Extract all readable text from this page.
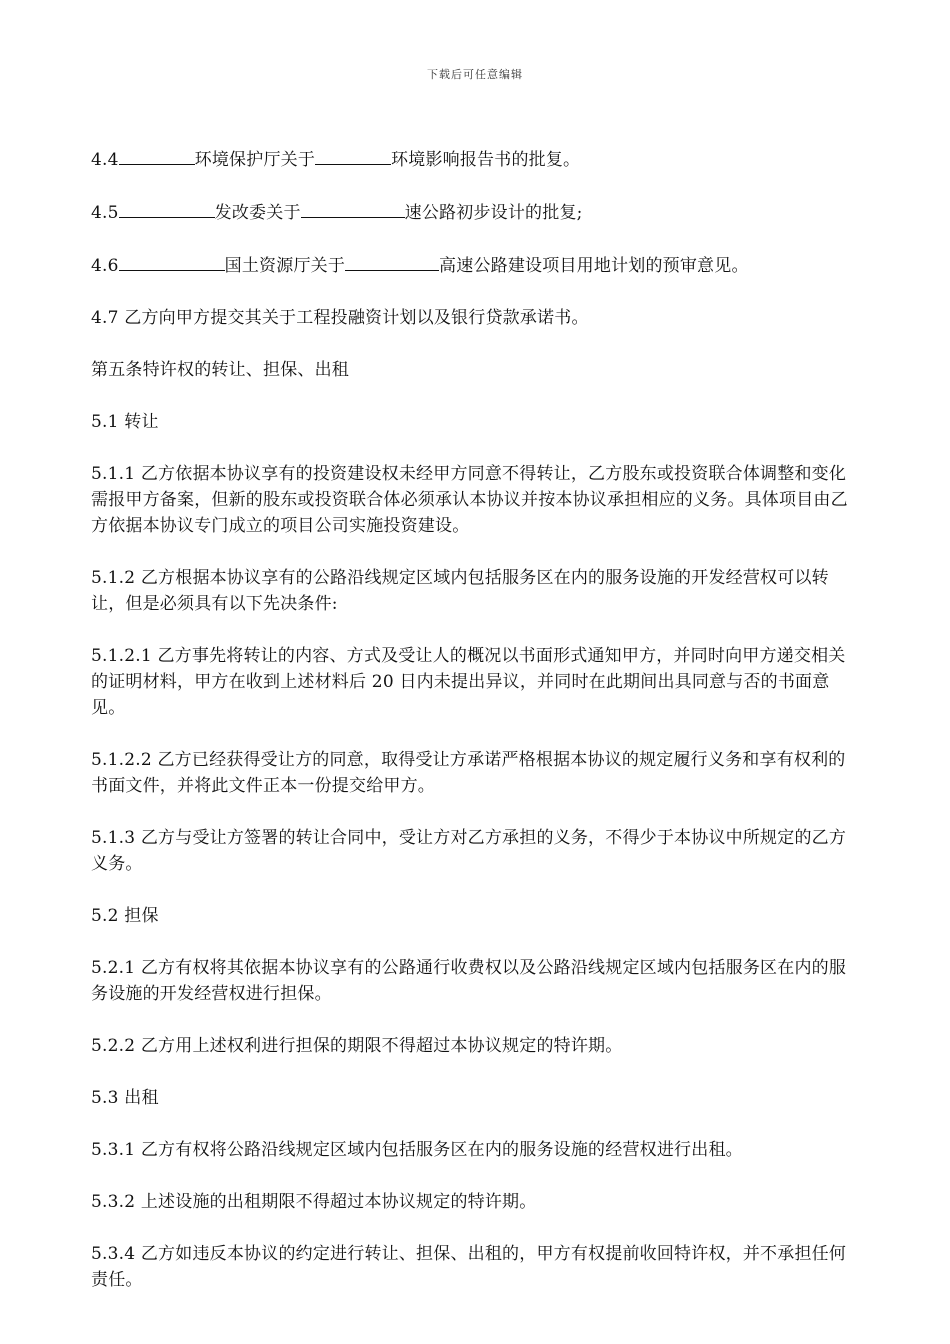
下载后可任意编辑

4.4	环境保护厅关于	环境影响报告书的批复。

4.5	发改委关于	速公路初步设计的批复;

4.6	国土资源厅关于	高速公路建设项目用地计划的预审意见。

4.7 乙方向甲方提交其关于工程投融资计划以及银行贷款承诺书。

第五条特许权的转让、担保、出租

5.1 转让

5.1.1 乙方依据本协议享有的投资建设权未经甲方同意不得转让，乙方股东或投资联合体调整和变化需报甲方备案，但新的股东或投资联合体必须承认本协议并按本协议承担相应的义务。具体项目由乙方依据本协议专门成立的项目公司实施投资建设。

5.1.2 乙方根据本协议享有的公路沿线规定区域内包括服务区在内的服务设施的开发经营权可以转让，但是必须具有以下先决条件:

5.1.2.1 乙方事先将转让的内容、方式及受让人的概况以书面形式通知甲方，并同时向甲方递交相关的证明材料，甲方在收到上述材料后 20 日内未提出异议，并同时在此期间出具同意与否的书面意见。

5.1.2.2 乙方已经获得受让方的同意，取得受让方承诺严格根据本协议的规定履行义务和享有权利的书面文件，并将此文件正本一份提交给甲方。

5.1.3 乙方与受让方签署的转让合同中，受让方对乙方承担的义务，不得少于本协议中所规定的乙方义务。

5.2 担保

5.2.1 乙方有权将其依据本协议享有的公路通行收费权以及公路沿线规定区域内包括服务区在内的服务设施的开发经营权进行担保。

5.2.2 乙方用上述权利进行担保的期限不得超过本协议规定的特许期。

5.3 出租

5.3.1 乙方有权将公路沿线规定区域内包括服务区在内的服务设施的经营权进行出租。

5.3.2 上述设施的出租期限不得超过本协议规定的特许期。

5.3.4 乙方如违反本协议的约定进行转让、担保、出租的，甲方有权提前收回特许权，并不承担任何责任。
